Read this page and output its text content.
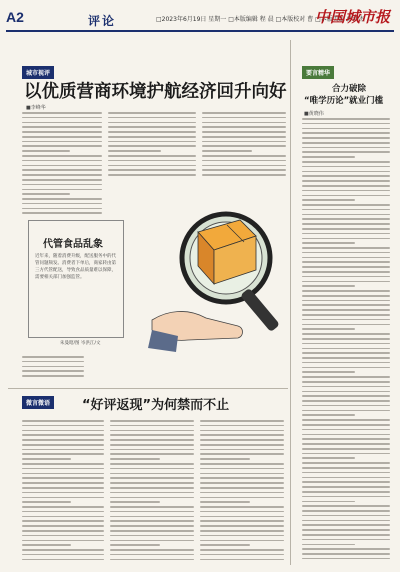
A2	评论	□2023年6月19日 星期一 □本版编辑 程 晨 □本版校对 曹 □本版美编 薛鸿杰
中国城市报
城市视评
以优质营商环境护航经济回升向好
■李峰华
代管食品乱象
近年来，随着消费升级，配送服务中的代管问题频发。消费者下单后，商家转由第三方代管配送，导致食品质量难以保障，需要相关部门加强监管。
朱曼昭/图 岑洪江/文
微言微语	“好评返现”为何禁而不止
要言精华
合力破除
“唯学历论”就业门槛
■黄晓伟
